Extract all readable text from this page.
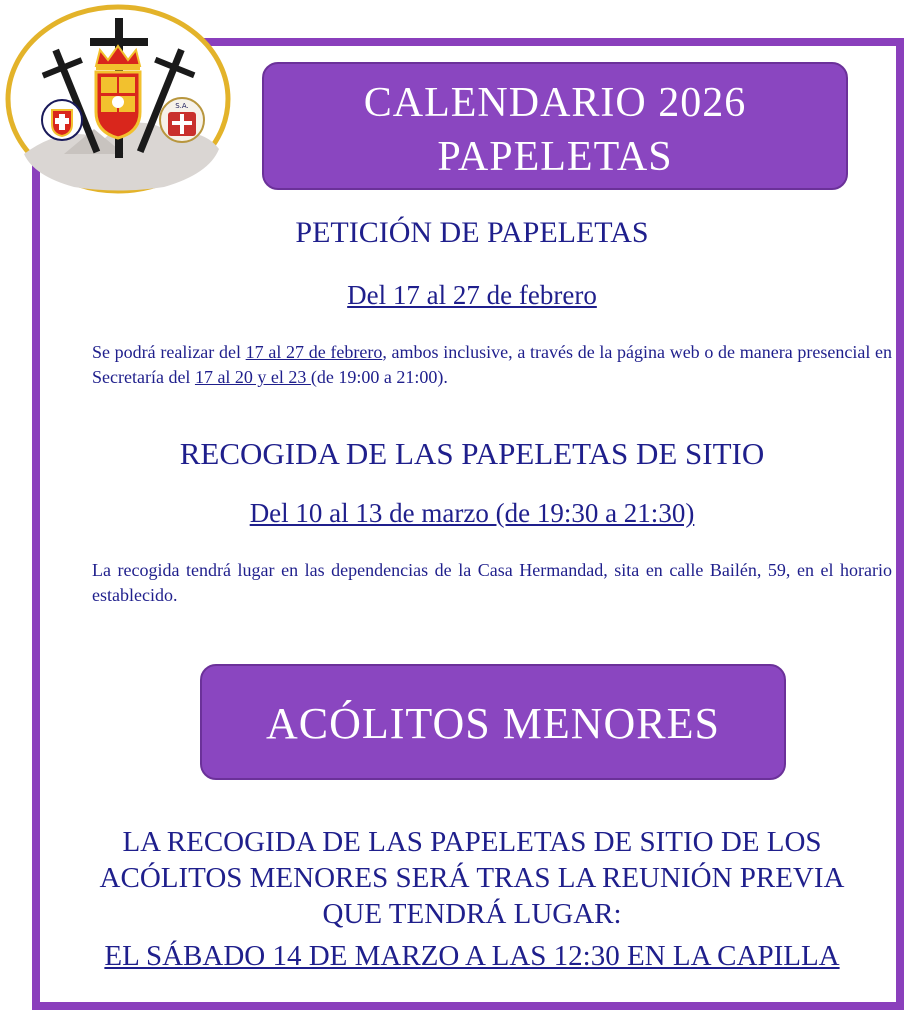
S.A.	CALENDARIO 2026
PAPELETAS
PETICIÓN DE PAPELETAS
Del 17 al 27 de febrero

Se podrá realizar del 17 al 27 de febrero, ambos inclusive, a través de la página web o de manera presencial en Secretaría del 17 al 20 y el 23 (de 19:00 a 21:00).

RECOGIDA DE LAS PAPELETAS DE SITIO
Del 10 al 13 de marzo (de 19:30 a 21:30)

La recogida tendrá lugar en las dependencias de la Casa Hermandad, sita en calle Bailén, 59, en el horario establecido.

ACÓLITOS MENORES
LA RECOGIDA DE LAS PAPELETAS DE SITIO DE LOS
ACÓLITOS MENORES SERÁ TRAS LA REUNIÓN PREVIA
QUE TENDRÁ LUGAR:
EL SÁBADO 14 DE MARZO A LAS 12:30 EN LA CAPILLA
